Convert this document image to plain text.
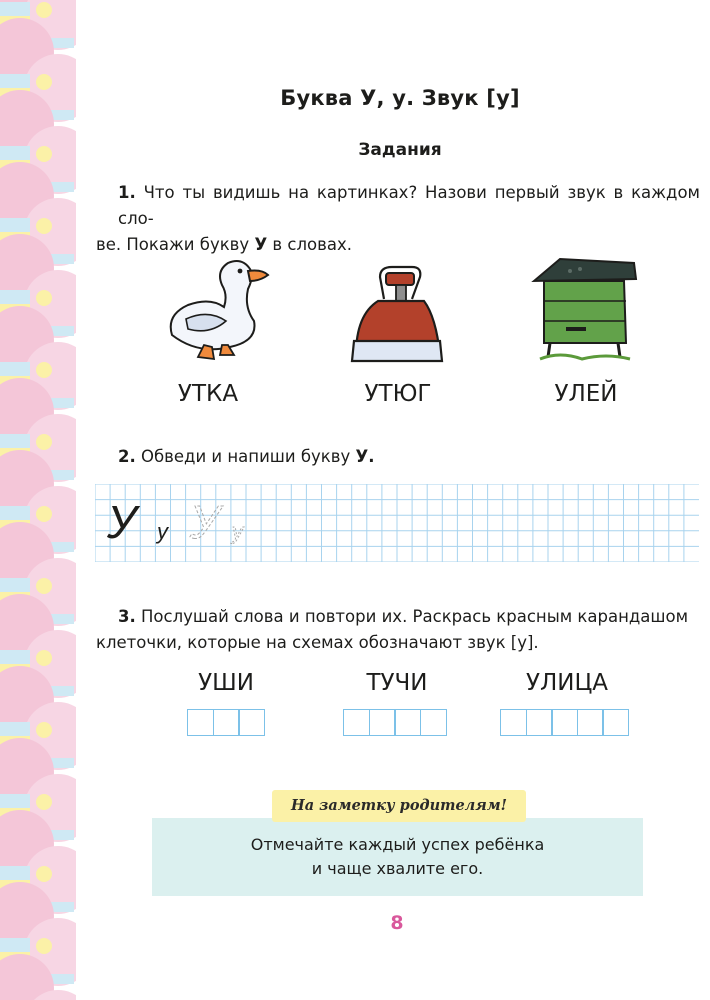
Буква У, у. Звук [у]
Задания
1. Что ты видишь на картинках? Назови первый звук в каждом сло-
ве. Покажи букву У в словах.
УТКА	УТЮГ	УЛЕЙ
2. Обведи и напиши букву У.
У у У у
3. Послушай слова и повтори их. Раскрась красным карандашом
клеточки, которые на схемах обозначают звук [у].
УШИ	ТУЧИ	УЛИЦА
На заметку родителям!
Отмечайте каждый успех ребёнка
и чаще хвалите его.
8
